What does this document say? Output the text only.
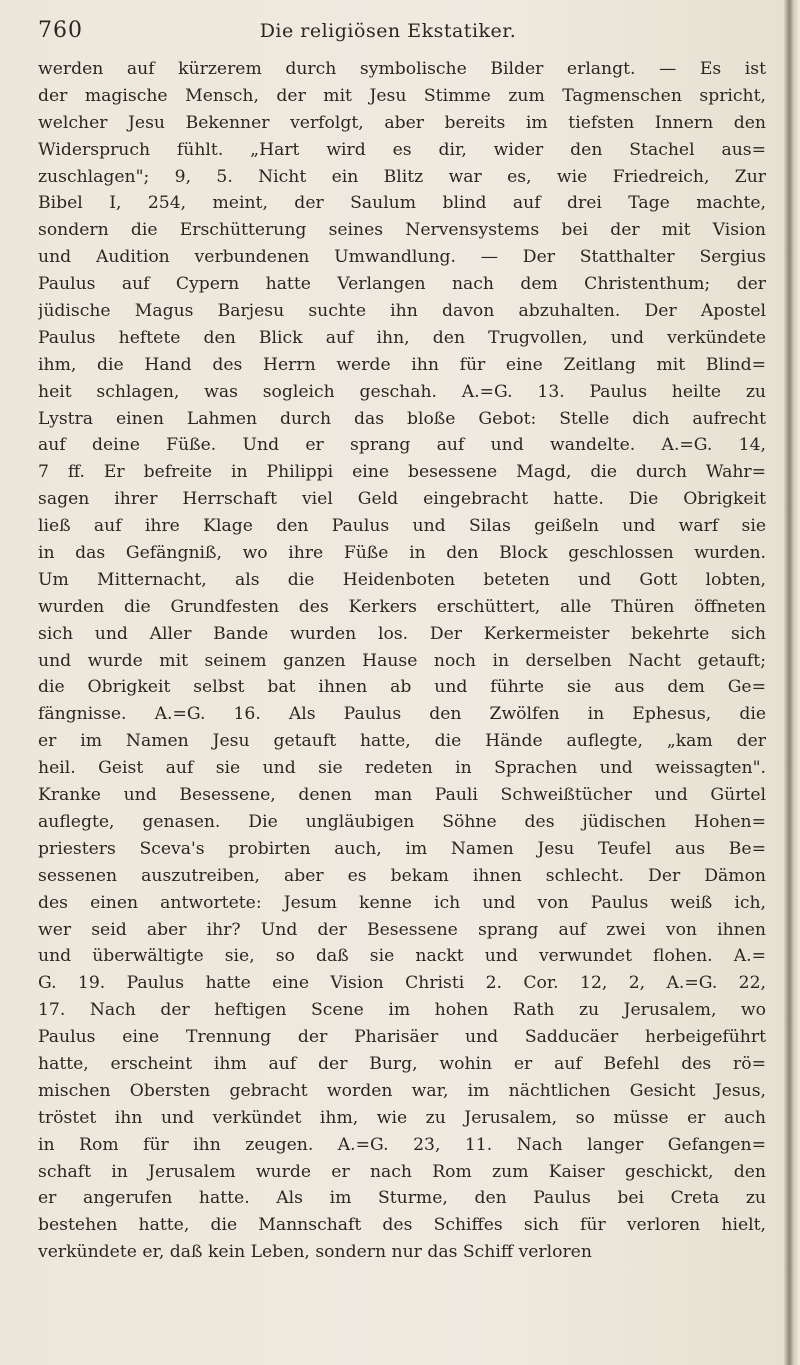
760	Die religiösen Ekstatiker.
werden auf kürzerem durch symbolische Bilder erlangt. — Es ist
der magische Mensch, der mit Jesu Stimme zum Tagmenschen spricht,
welcher Jesu Bekenner verfolgt, aber bereits im tiefsten Innern den
Widerspruch fühlt. „Hart wird es dir, wider den Stachel aus=
zuschlagen"; 9, 5. Nicht ein Blitz war es, wie Friedreich, Zur
Bibel I, 254, meint, der Saulum blind auf drei Tage machte,
sondern die Erschütterung seines Nervensystems bei der mit Vision
und Audition verbundenen Umwandlung. — Der Statthalter Sergius
Paulus auf Cypern hatte Verlangen nach dem Christenthum; der
jüdische Magus Barjesu suchte ihn davon abzuhalten. Der Apostel
Paulus heftete den Blick auf ihn, den Trugvollen, und verkündete
ihm, die Hand des Herrn werde ihn für eine Zeitlang mit Blind=
heit schlagen, was sogleich geschah. A.=G. 13. Paulus heilte zu
Lystra einen Lahmen durch das bloße Gebot: Stelle dich aufrecht
auf deine Füße. Und er sprang auf und wandelte. A.=G. 14,
7 ff. Er befreite in Philippi eine besessene Magd, die durch Wahr=
sagen ihrer Herrschaft viel Geld eingebracht hatte. Die Obrigkeit
ließ auf ihre Klage den Paulus und Silas geißeln und warf sie
in das Gefängniß, wo ihre Füße in den Block geschlossen wurden.
Um Mitternacht, als die Heidenboten beteten und Gott lobten,
wurden die Grundfesten des Kerkers erschüttert, alle Thüren öffneten
sich und Aller Bande wurden los. Der Kerkermeister bekehrte sich
und wurde mit seinem ganzen Hause noch in derselben Nacht getauft;
die Obrigkeit selbst bat ihnen ab und führte sie aus dem Ge=
fängnisse. A.=G. 16. Als Paulus den Zwölfen in Ephesus, die
er im Namen Jesu getauft hatte, die Hände auflegte, „kam der
heil. Geist auf sie und sie redeten in Sprachen und weissagten".
Kranke und Besessene, denen man Pauli Schweißtücher und Gürtel
auflegte, genasen. Die ungläubigen Söhne des jüdischen Hohen=
priesters Sceva's probirten auch, im Namen Jesu Teufel aus Be=
sessenen auszutreiben, aber es bekam ihnen schlecht. Der Dämon
des einen antwortete: Jesum kenne ich und von Paulus weiß ich,
wer seid aber ihr? Und der Besessene sprang auf zwei von ihnen
und überwältigte sie, so daß sie nackt und verwundet flohen. A.=
G. 19. Paulus hatte eine Vision Christi 2. Cor. 12, 2, A.=G. 22,
17. Nach der heftigen Scene im hohen Rath zu Jerusalem, wo
Paulus eine Trennung der Pharisäer und Sadducäer herbeigeführt
hatte, erscheint ihm auf der Burg, wohin er auf Befehl des rö=
mischen Obersten gebracht worden war, im nächtlichen Gesicht Jesus,
tröstet ihn und verkündet ihm, wie zu Jerusalem, so müsse er auch
in Rom für ihn zeugen. A.=G. 23, 11. Nach langer Gefangen=
schaft in Jerusalem wurde er nach Rom zum Kaiser geschickt, den
er angerufen hatte. Als im Sturme, den Paulus bei Creta zu
bestehen hatte, die Mannschaft des Schiffes sich für verloren hielt,
verkündete er, daß kein Leben, sondern nur das Schiff verloren
